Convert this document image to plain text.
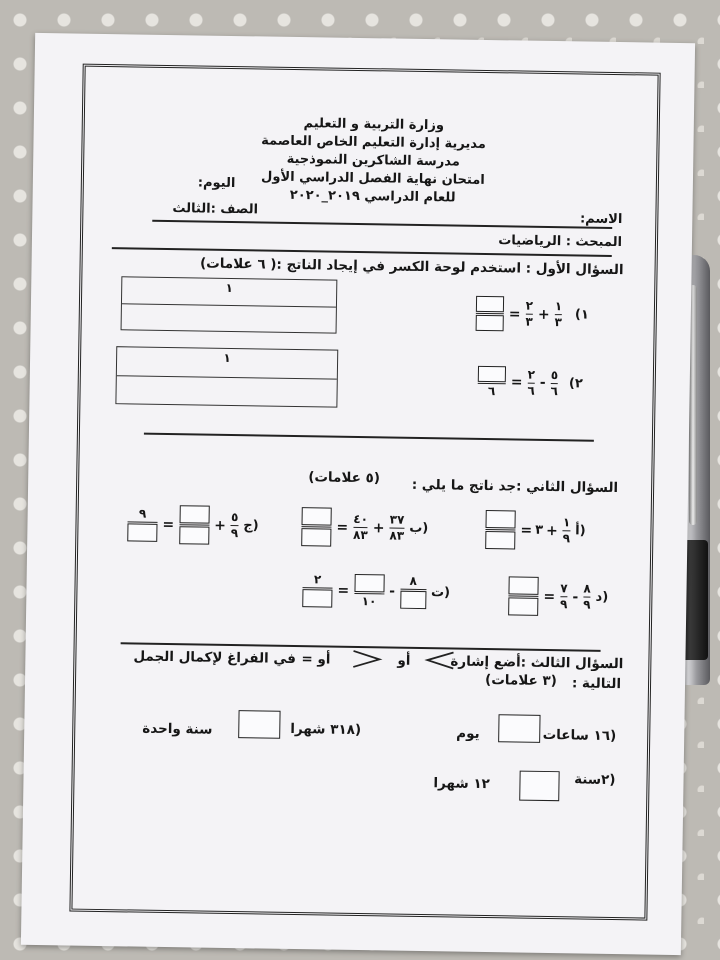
وزارة التربية و التعليم
مديرية إدارة التعليم الخاص العاصمة
مدرسة الشاكرين النموذجية
امتحان نهاية الفصل الدراسي الأول
للعام الدراسي ٢٠١٩_٢٠٢٠
الاسم:
اليوم:
الصف :الثالث
المبحث : الرياضيات
السؤال الأول : استخدم لوحة الكسر في إيجاد الناتج :( ٦ علامات)
١
١
= $\frac{٢}{٣} + \frac{١}{٣}$ (١
٦
= $\frac{٢}{٦} - \frac{٥}{٦}$ (٢
السؤال الثاني :جد ناتج ما يلي :
(٥ علامات)
= ٣ + $\frac{١}{٩}$ أ)
= $\frac{٤٠}{٨٣} + \frac{٣٧}{٨٣}$ ب)
٩
=	+ $\frac{٥}{٩}$ ج)
= $\frac{٧}{٩} - \frac{٨}{٩}$ د)
٢
=
١٠
-
٨
ت)
السؤال الثالث :أضع إشارة
أو
أو =
في الفراغ لإكمال الجمل
التالية :
(٣ علامات)
(١٦ ساعات
يوم
(٣١٨ شهرا
سنة واحدة
(٢سنة
١٢ شهرا
